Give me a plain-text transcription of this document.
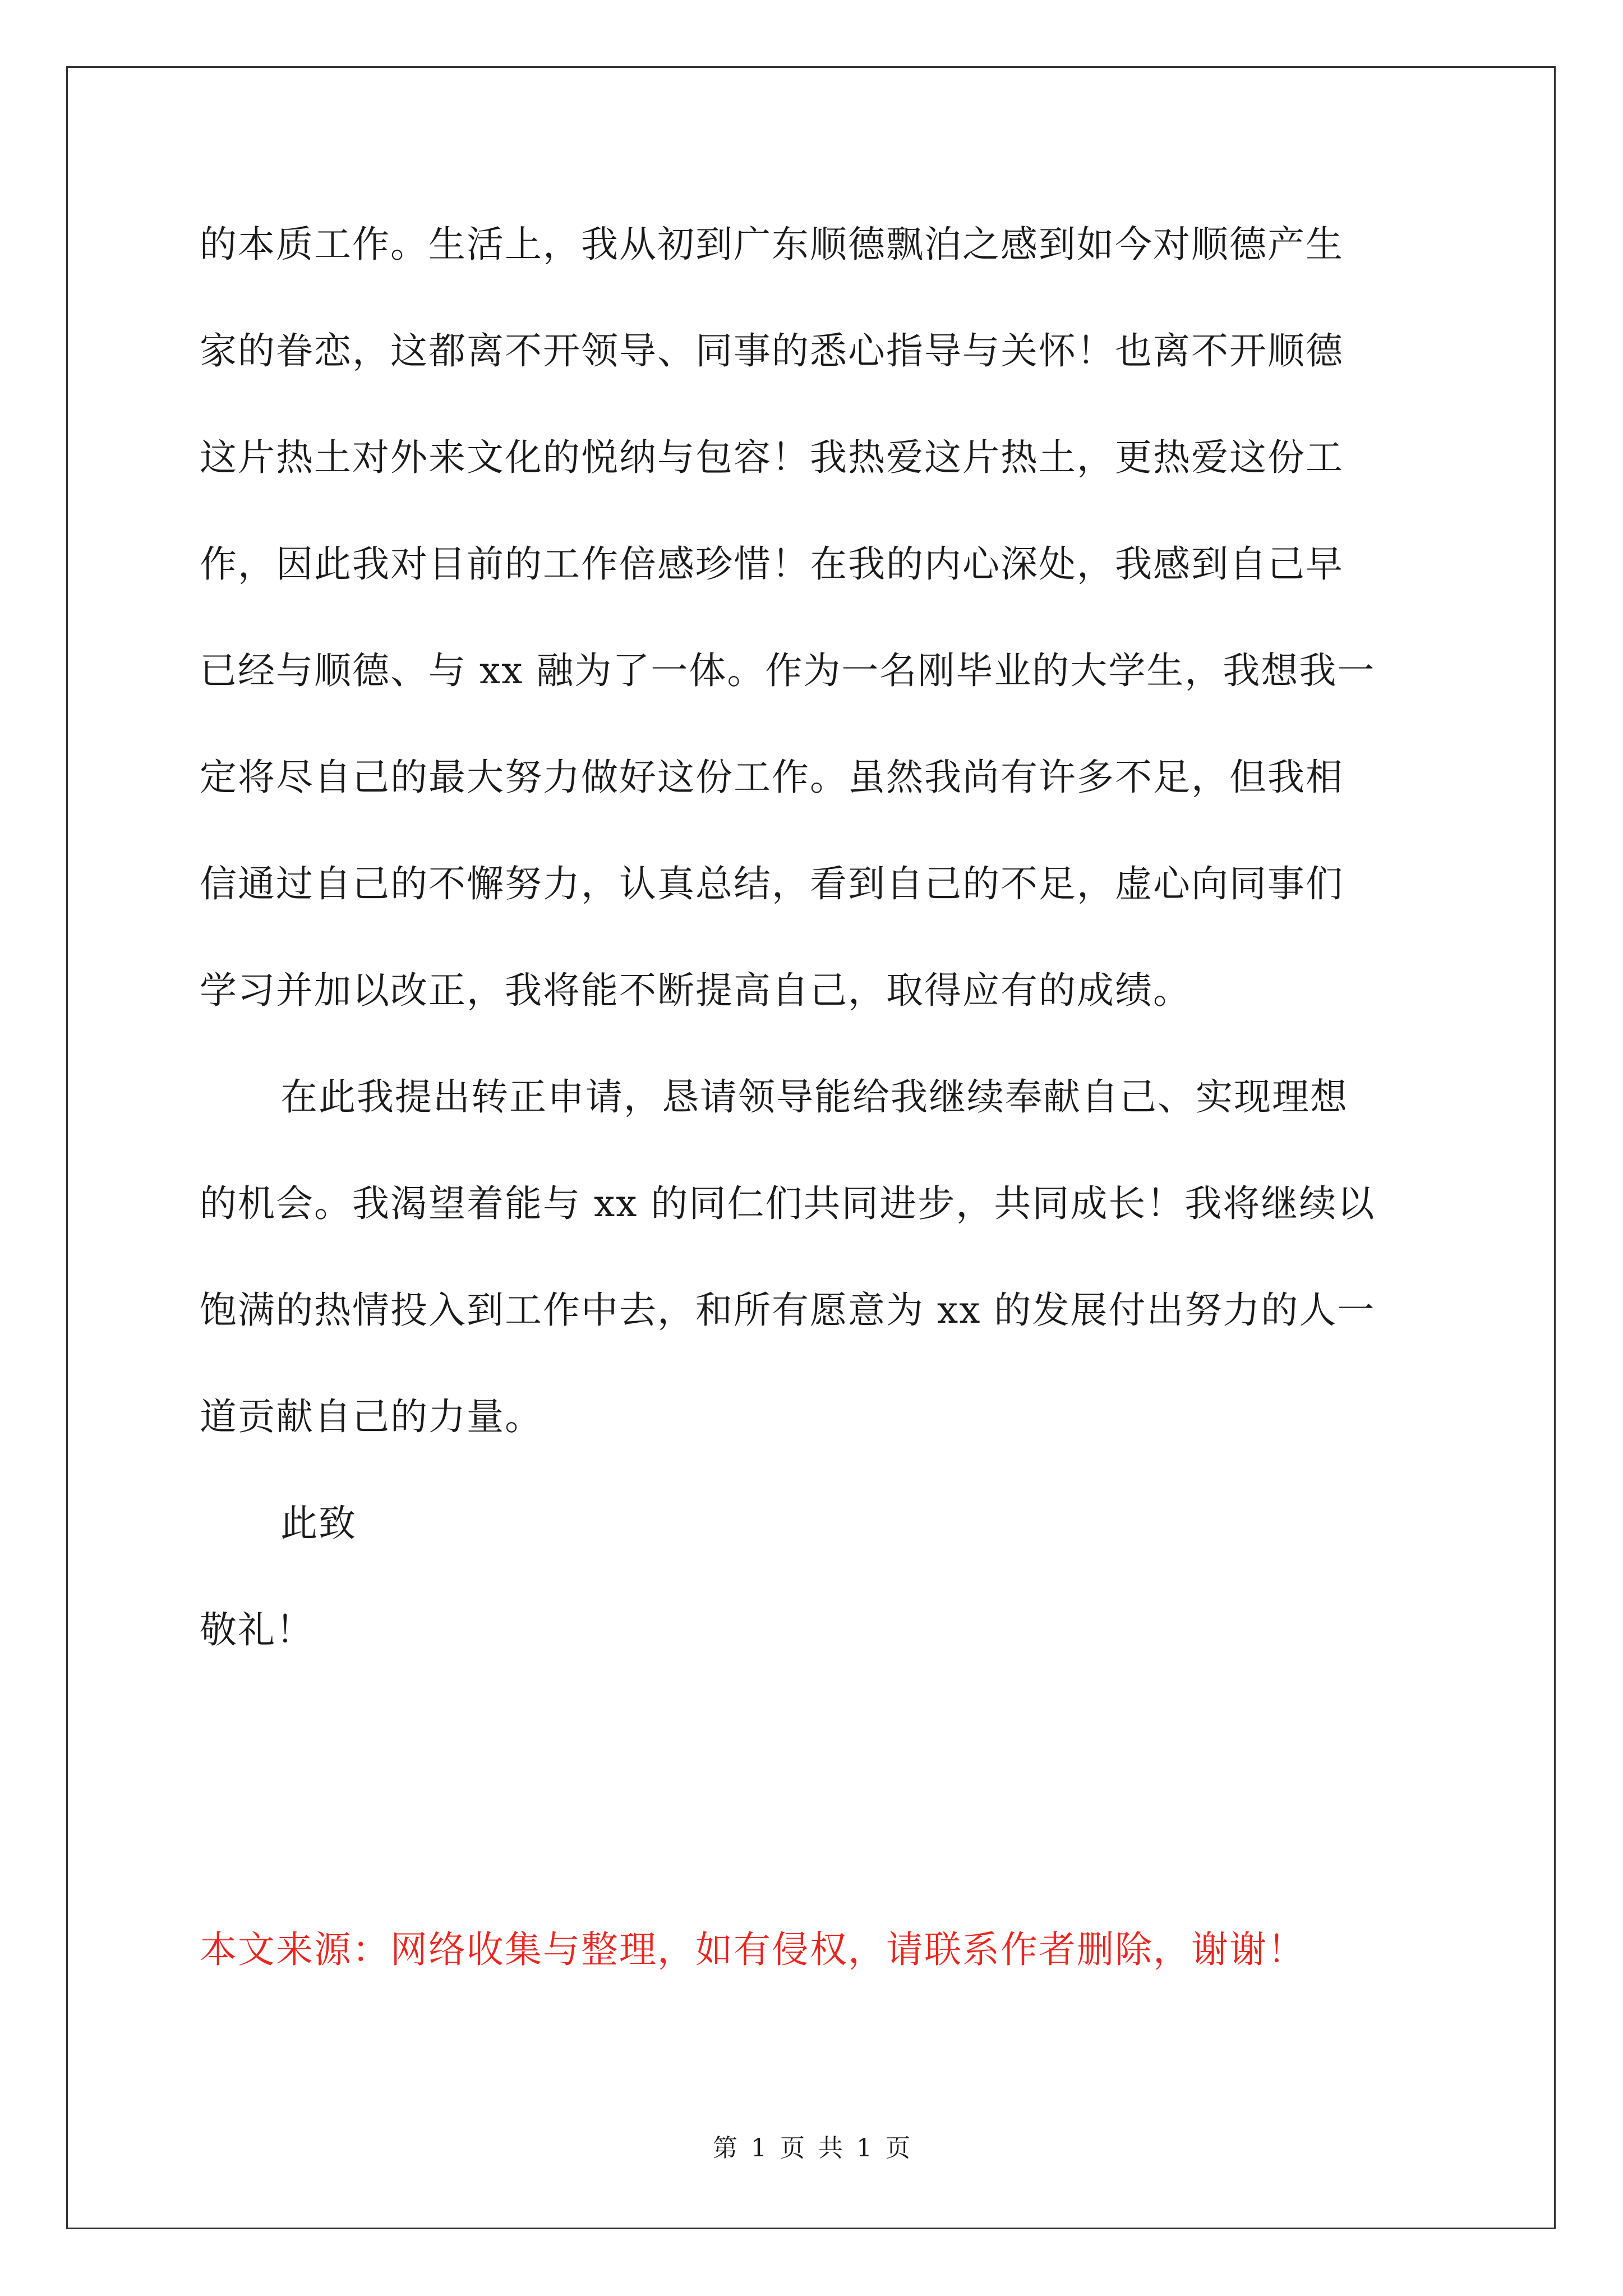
的本质工作。生活上，我从初到广东顺德飘泊之感到如今对顺德产生
家的眷恋，这都离不开领导、同事的悉心指导与关怀！也离不开顺德
这片热土对外来文化的悦纳与包容！我热爱这片热土，更热爱这份工
作，因此我对目前的工作倍感珍惜！在我的内心深处，我感到自己早
已经与顺德、与 xx 融为了一体。作为一名刚毕业的大学生，我想我一
定将尽自己的最大努力做好这份工作。虽然我尚有许多不足，但我相
信通过自己的不懈努力，认真总结，看到自己的不足，虚心向同事们
学习并加以改正，我将能不断提高自己，取得应有的成绩。
在此我提出转正申请，恳请领导能给我继续奉献自己、实现理想
的机会。我渴望着能与 xx 的同仁们共同进步，共同成长！我将继续以
饱满的热情投入到工作中去，和所有愿意为 xx 的发展付出努力的人一
道贡献自己的力量。
此致
敬礼！
本文来源：网络收集与整理，如有侵权，请联系作者删除，谢谢！
第 1 页 共 1 页
